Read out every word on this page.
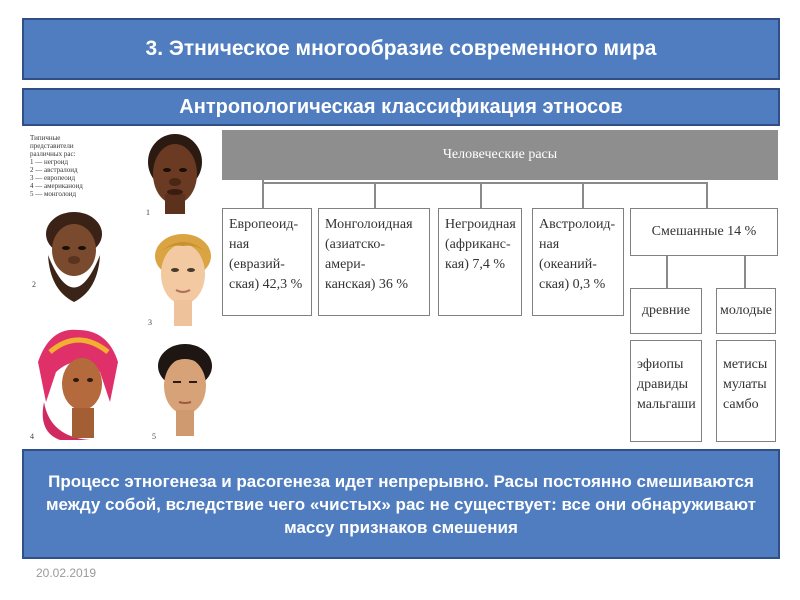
3. Этническое многообразие современного мира
Антропологическая классификация этносов
Типичные
представители
различных рас:
1 — негроид
2 — австралоид
3 — европеоид
4 — американоид
5 — монголоид
1
2
3
4	5
Человеческие расы
Европеоид-
ная (евразий-
ская) 42,3 %
Монголоидная
(азиатско-амери-
канская) 36 %
Негроидная
(африканс-
кая) 7,4 %
Австролоид-
ная (океаний-
ская) 0,3 %
Смешанные 14 %
древние	молодые
эфиопы
дравиды
мальгаши
метисы
мулаты
самбо
Процесс этногенеза и расогенеза идет непрерывно. Расы постоянно смешиваются между собой, вследствие чего «чистых» рас не существует: все они обнаруживают массу признаков смешения
20.02.2019
